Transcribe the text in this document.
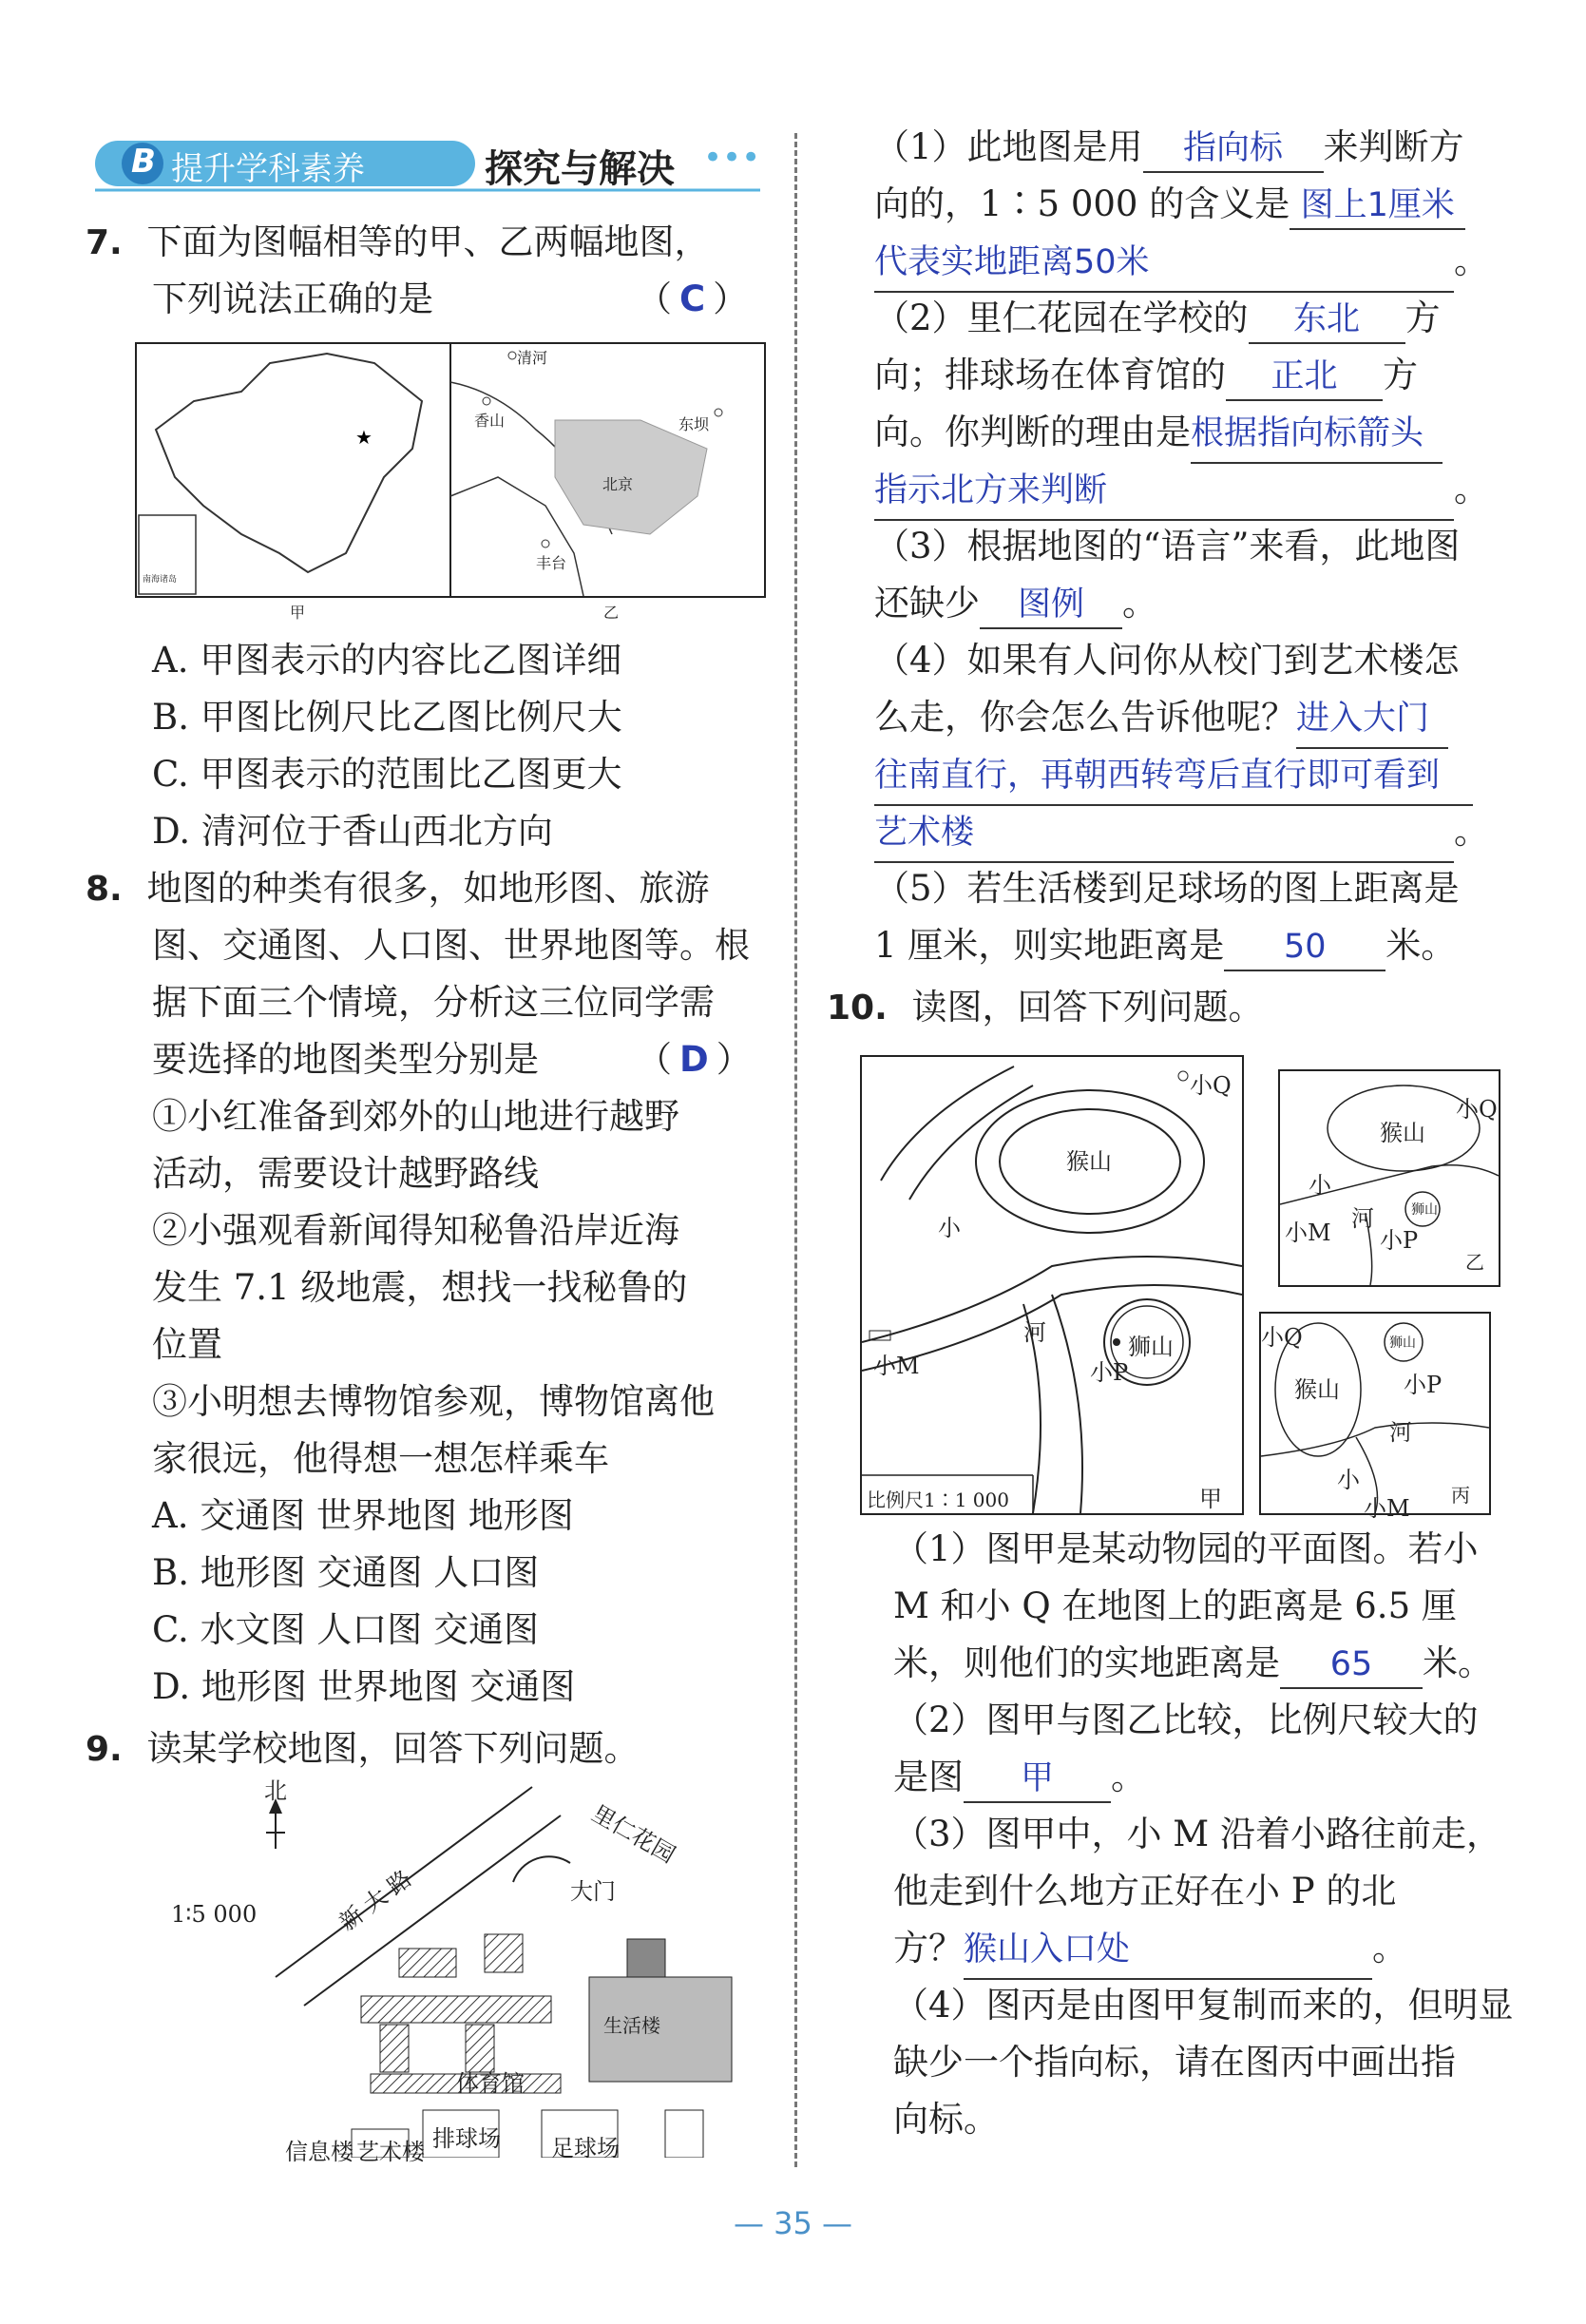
B 提升学科素养	探究与解决 •••
7. 下面为图幅相等的甲、乙两幅地图，
下列说法正确的是	（ C ）
★
清河
香山	东坝
北京
丰台
南海诸岛
甲	乙
A. 甲图表示的内容比乙图详细
B. 甲图比例尺比乙图比例尺大
C. 甲图表示的范围比乙图更大
D. 清河位于香山西北方向
8. 地图的种类有很多，如地形图、旅游
图、交通图、人口图、世界地图等。根
据下面三个情境，分析这三位同学需
要选择的地图类型分别是	（ D ）
①小红准备到郊外的山地进行越野
活动，需要设计越野路线
②小强观看新闻得知秘鲁沿岸近海
发生 7.1 级地震，想找一找秘鲁的
位置
③小明想去博物馆参观，博物馆离他
家很远，他得想一想怎样乘车
A. 交通图 世界地图 地形图
B. 地形图 交通图 人口图
C. 水文图 人口图 交通图
D. 地形图 世界地图 交通图
9. 读某学校地图，回答下列问题。
北
1∶5 000	新 大 路
里仁花园
大门
生活楼
艺术楼 排球场
体育馆
信息楼	足球场
（1）此地图是用 指向标 来判断方
向的，1∶5 000 的含义是 图上1厘米
代表实地距离50米	。
（2）里仁花园在学校的 东北 方
向；排球场在体育馆的 正北 方
向。你判断的理由是根据指向标箭头
指示北方来判断	。
（3）根据地图的“语言”来看，此地图
还缺少 图例 。
（4）如果有人问你从校门到艺术楼怎
么走，你会怎么告诉他呢？进入大门
往南直行，再朝西转弯后直行即可看到
艺术楼	。
（5）若生活楼到足球场的图上距离是
1 厘米，则实地距离是 50 米。
10. 读图，回答下列问题。
猴山
狮山
小Q
小M	小P
小
河
比例尺1∶1 000	甲
猴山
小Q
小M 小P
狮山
河
小
乙
猴山
小Q
小M
小P
狮山
河
小
丙
（1）图甲是某动物园的平面图。若小
M 和小 Q 在地图上的距离是 6.5 厘
米，则他们的实地距离是 65 米。
（2）图甲与图乙比较，比例尺较大的
是图 甲 。
（3）图甲中，小 M 沿着小路往前走，
他走到什么地方正好在小 P 的北
方？猴山入口处	。
（4）图丙是由图甲复制而来的，但明显
缺少一个指向标，请在图丙中画出指
向标。
— 35 —
